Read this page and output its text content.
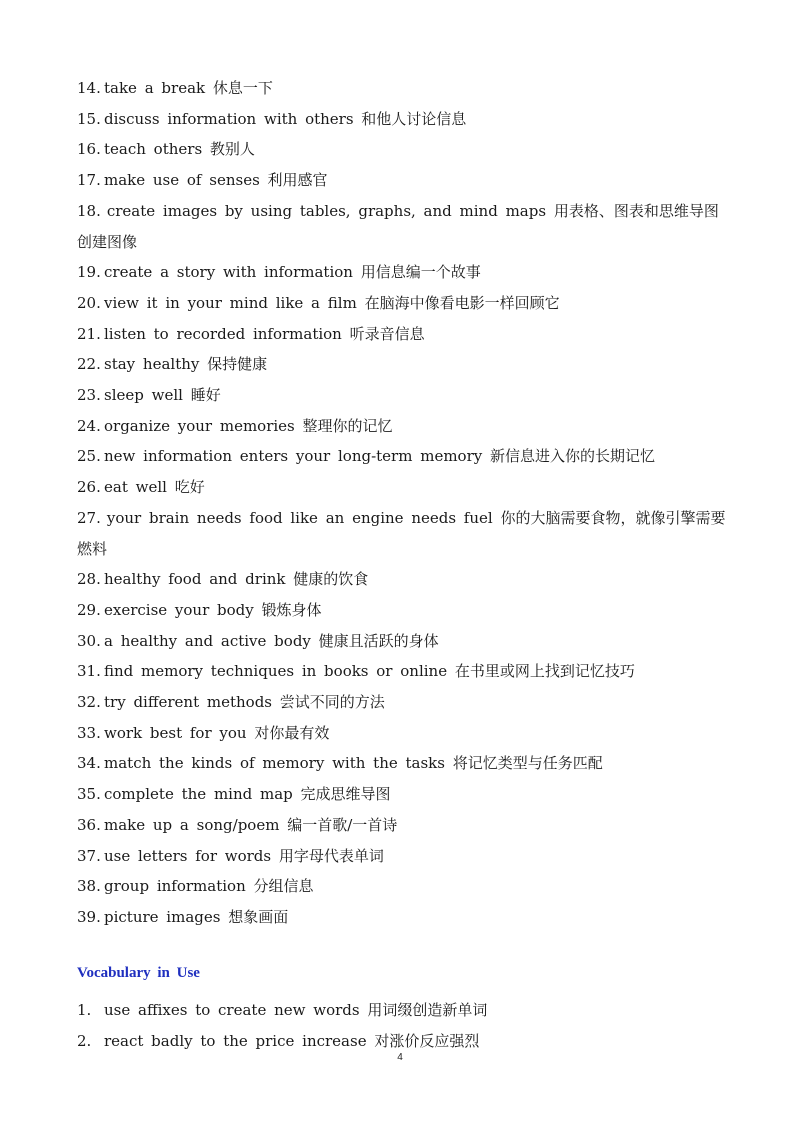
14. take a break 休息一下
15. discuss information with others 和他人讨论信息
16. teach others 教别人
17. make use of senses 利用感官
18. create images by using tables, graphs, and mind maps 用表格、图表和思维导图创建图像
19. create a story with information 用信息编一个故事
20. view it in your mind like a film 在脑海中像看电影一样回顾它
21. listen to recorded information 听录音信息
22. stay healthy 保持健康
23. sleep well 睡好
24. organize your memories 整理你的记忆
25. new information enters your long-term memory 新信息进入你的长期记忆
26. eat well 吃好
27. your brain needs food like an engine needs fuel 你的大脑需要食物，就像引擎需要燃料
28. healthy food and drink 健康的饮食
29. exercise your body 锻炼身体
30. a healthy and active body 健康且活跃的身体
31. find memory techniques in books or online 在书里或网上找到记忆技巧
32. try different methods 尝试不同的方法
33. work best for you 对你最有效
34. match the kinds of memory with the tasks 将记忆类型与任务匹配
35. complete the mind map 完成思维导图
36. make up a song/poem 编一首歌/一首诗
37. use letters for words 用字母代表单词
38. group information 分组信息
39. picture images 想象画面
Vocabulary in Use
1. use affixes to create new words 用词缀创造新单词
2. react badly to the price increase 对涨价反应强烈
4
